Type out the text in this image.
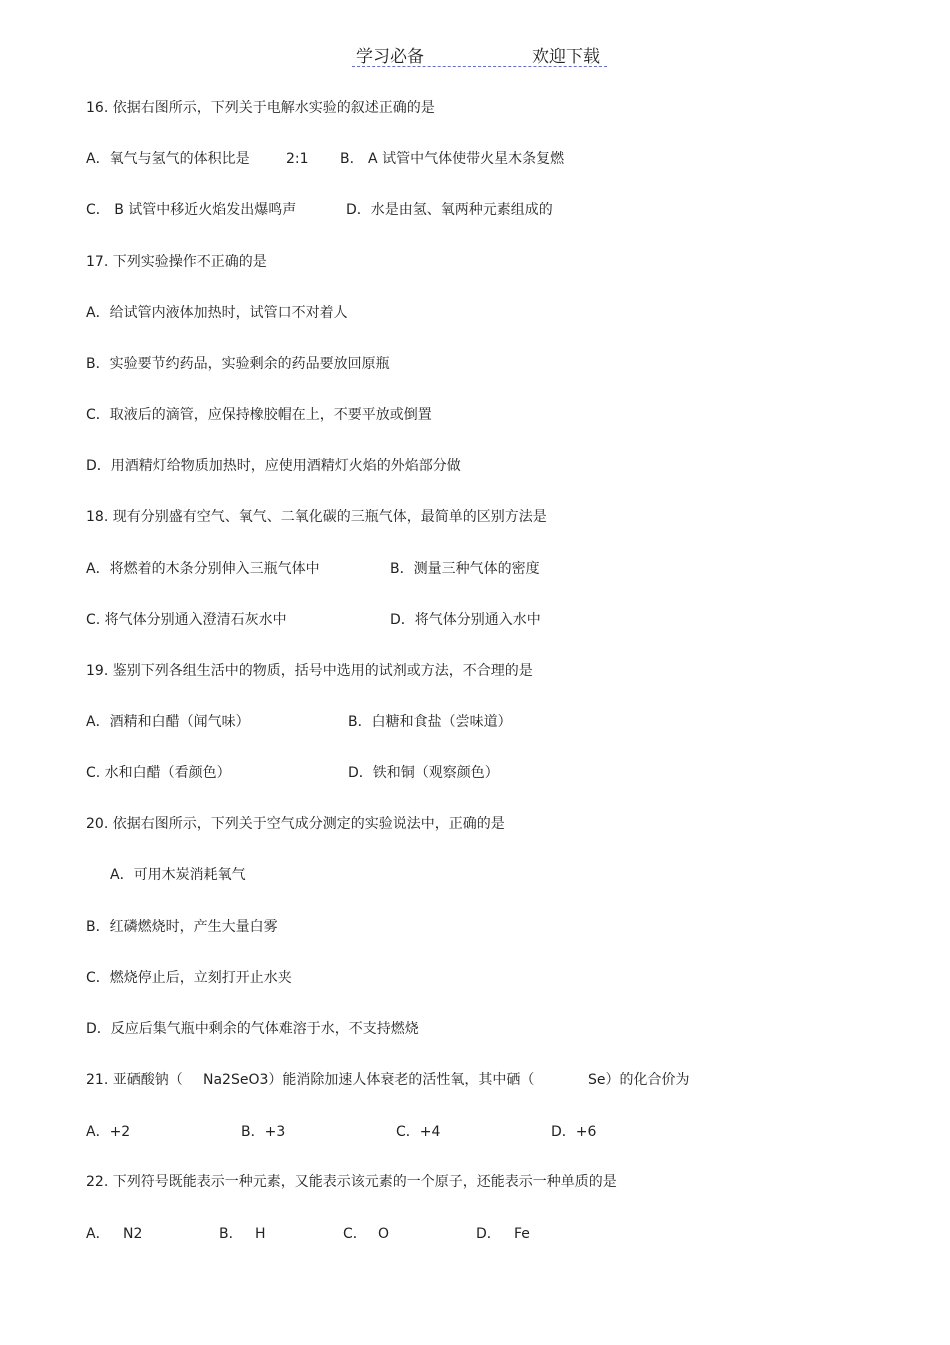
学习必备	欢迎下载
16. 依据右图所示，下列关于电解水实验的叙述正确的是
A．氧气与氢气的体积比是	2:1 B． A 试管中气体使带火星木条复燃
C． B 试管中移近火焰发出爆鸣声	D．水是由氢、氧两种元素组成的
17. 下列实验操作不正确的是
A．给试管内液体加热时，试管口不对着人
B．实验要节约药品，实验剩余的药品要放回原瓶
C．取液后的滴管，应保持橡胶帽在上，不要平放或倒置
D．用酒精灯给物质加热时，应使用酒精灯火焰的外焰部分做
18. 现有分别盛有空气、氧气、二氧化碳的三瓶气体，最简单的区别方法是
A．将燃着的木条分别伸入三瓶气体中	B．测量三种气体的密度
C. 将气体分别通入澄清石灰水中	D．将气体分别通入水中
19. 鉴别下列各组生活中的物质，括号中选用的试剂或方法，不合理的是
A．酒精和白醋（闻气味）	B．白糖和食盐（尝味道）
C. 水和白醋（看颜色）	D．铁和铜（观察颜色）
20. 依据右图所示，下列关于空气成分测定的实验说法中，正确的是
A．可用木炭消耗氧气
B．红磷燃烧时，产生大量白雾
C．燃烧停止后，立刻打开止水夹
D．反应后集气瓶中剩余的气体难溶于水，不支持燃烧
21. 亚硒酸钠（ Na2SeO3）能消除加速人体衰老的活性氧，其中硒（	Se）的化合价为
A．+2	B．+3	C．+4	D．+6
22. 下列符号既能表示一种元素，又能表示该元素的一个原子，还能表示一种单质的是
A． N2	B． H	C． O	D． Fe
